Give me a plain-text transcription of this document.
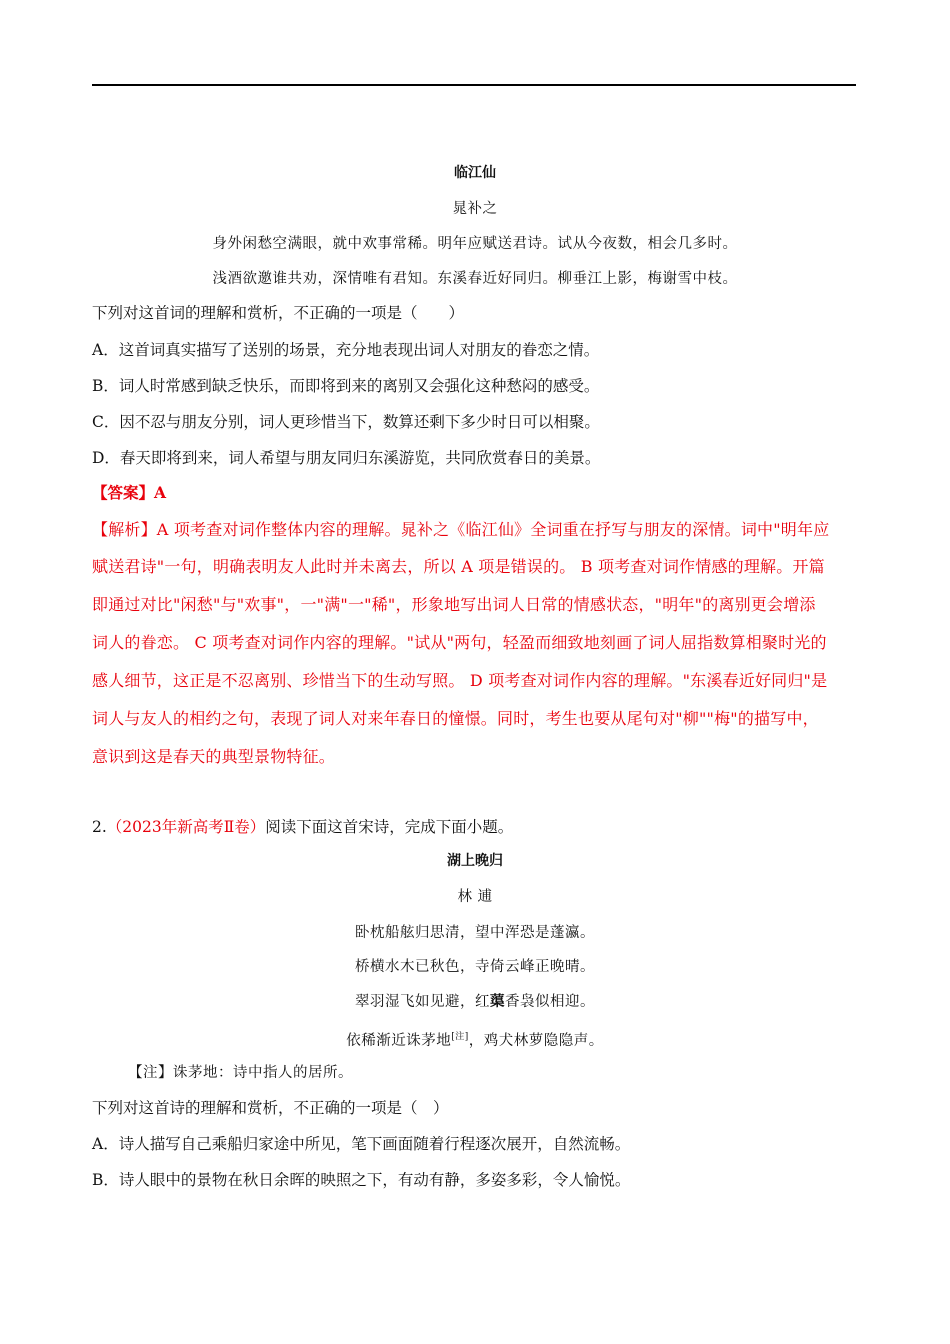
临江仙
晁补之
身外闲愁空满眼，就中欢事常稀。明年应赋送君诗。试从今夜数，相会几多时。
浅酒欲邀谁共劝，深情唯有君知。东溪春近好同归。柳垂江上影，梅谢雪中枝。
下列对这首词的理解和赏析，不正确的一项是（　　）
A．这首词真实描写了送别的场景，充分地表现出词人对朋友的眷恋之情。
B．词人时常感到缺乏快乐，而即将到来的离别又会强化这种愁闷的感受。
C．因不忍与朋友分别，词人更珍惜当下，数算还剩下多少时日可以相聚。
D．春天即将到来，词人希望与朋友同归东溪游览，共同欣赏春日的美景。
【答案】A
【解析】A 项考查对词作整体内容的理解。晁补之《临江仙》全词重在抒写与朋友的深情。词中"明年应
赋送君诗"一句，明确表明友人此时并未离去，所以 A 项是错误的。 B 项考查对词作情感的理解。开篇
即通过对比"闲愁"与"欢事"，一"满"一"稀"，形象地写出词人日常的情感状态，"明年"的离别更会增添
词人的眷恋。 C 项考查对词作内容的理解。"试从"两句，轻盈而细致地刻画了词人屈指数算相聚时光的
感人细节，这正是不忍离别、珍惜当下的生动写照。 D 项考查对词作内容的理解。"东溪春近好同归"是
词人与友人的相约之句，表现了词人对来年春日的憧憬。同时，考生也要从尾句对"柳""梅"的描写中，
意识到这是春天的典型景物特征。
2.（2023年新高考Ⅱ卷）阅读下面这首宋诗，完成下面小题。
湖上晚归
林 逋
卧枕船舷归思清，望中浑恐是蓬瀛。
桥横水木已秋色，寺倚云峰正晚晴。
翠羽湿飞如见避，红蕖香袅似相迎。
依稀渐近诛茅地[注]，鸡犬林萝隐隐声。
【注】诛茅地：诗中指人的居所。
下列对这首诗的理解和赏析，不正确的一项是（　）
A．诗人描写自己乘船归家途中所见，笔下画面随着行程逐次展开，自然流畅。
B．诗人眼中的景物在秋日余晖的映照之下，有动有静，多姿多彩，令人愉悦。
